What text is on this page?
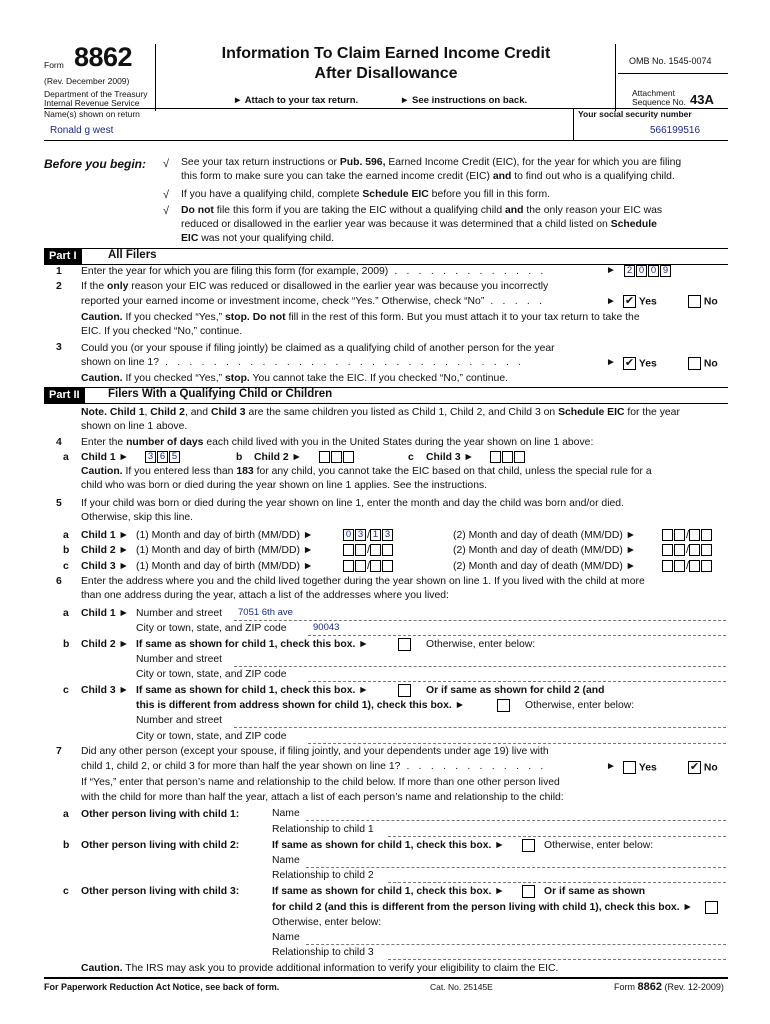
Form 8862
(Rev. December 2009)
Department of the Treasury
Internal Revenue Service
Information To Claim Earned Income Credit
After Disallowance
► Attach to your tax return.	► See instructions on back.
OMB No. 1545-0074
Attachment
Sequence No. 43A
Name(s) shown on return	Your social security number
Ronald g west	566199516
Before you begin: √
√
√
See your tax return instructions or Pub. 596, Earned Income Credit (EIC), for the year for which you are filing
this form to make sure you can take the earned income credit (EIC) and to find out who is a qualifying child.
If you have a qualifying child, complete Schedule EIC before you fill in this form.
Do not file this form if you are taking the EIC without a qualifying child and the only reason your EIC was
reduced or disallowed in the earlier year was because it was determined that a child listed on Schedule
EIC was not your qualifying child.
Part I	All Filers
1 Enter the year for which you are filing this form (for example, 2009) . . . . . . . . . . . . .	► 2 0 0 9
2 If the only reason your EIC was reduced or disallowed in the earlier year was because you incorrectly
reported your earned income or investment income, check “Yes.” Otherwise, check “No” . . . . .	► ✔ Yes	No
Caution. If you checked “Yes,” stop. Do not fill in the rest of this form. But you must attach it to your tax return to take the
EIC. If you checked “No,” continue.
3 Could you (or your spouse if filing jointly) be claimed as a qualifying child of another person for the year
shown on line 1? . . . . . . . . . . . . . . . . . . . . . . . . . . . . . .	► ✔ Yes	No
Caution. If you checked “Yes,” stop. You cannot take the EIC. If you checked “No,” continue.
Part II	Filers With a Qualifying Child or Children
Note. Child 1, Child 2, and Child 3 are the same children you listed as Child 1, Child 2, and Child 3 on Schedule EIC for the year
shown on line 1 above.
4 Enter the number of days each child lived with you in the United States during the year shown on line 1 above:
a Child 1 ► 3 6 5	b Child 2 ►	c Child 3 ►
Caution. If you entered less than 183 for any child, you cannot take the EIC based on that child, unless the special rule for a
child who was born or died during the year shown on line 1 applies. See the instructions.
5 If your child was born or died during the year shown on line 1, enter the month and day the child was born and/or died.
Otherwise, skip this line.
a Child 1 ► (1) Month and day of birth (MM/DD) ►	0 3 / 1 3	(2) Month and day of death (MM/DD) ►	/
b Child 2 ► (1) Month and day of birth (MM/DD) ►	/	(2) Month and day of death (MM/DD) ►	/
c Child 3 ► (1) Month and day of birth (MM/DD) ►	/	(2) Month and day of death (MM/DD) ►	/
6 Enter the address where you and the child lived together during the year shown on line 1. If you lived with the child at more
than one address during the year, attach a list of the addresses where you lived:
a Child 1 ► Number and street 7051 6th ave
City or town, state, and ZIP code	90043
b Child 2 ► If same as shown for child 1, check this box. ►	Otherwise, enter below:
Number and street
City or town, state, and ZIP code
c Child 3 ► If same as shown for child 1, check this box. ►	Or if same as shown for child 2 (and
this is different from address shown for child 1), check this box. ►	Otherwise, enter below:
Number and street
City or town, state, and ZIP code
7 Did any other person (except your spouse, if filing jointly, and your dependents under age 19) live with
child 1, child 2, or child 3 for more than half the year shown on line 1? . . . . . . . . . . . .	►	Yes	✔ No
If “Yes,” enter that person’s name and relationship to the child below. If more than one other person lived
with the child for more than half the year, attach a list of each person’s name and relationship to the child:
a Other person living with child 1:	Name
Relationship to child 1
b Other person living with child 2:	If same as shown for child 1, check this box. ►	Otherwise, enter below:
Name
Relationship to child 2
c Other person living with child 3:	If same as shown for child 1, check this box. ►	Or if same as shown
for child 2 (and this is different from the person living with child 1), check this box. ►
Otherwise, enter below:
Name
Relationship to child 3
Caution. The IRS may ask you to provide additional information to verify your eligibility to claim the EIC.
For Paperwork Reduction Act Notice, see back of form.	Cat. No. 25145E	Form 8862 (Rev. 12-2009)
